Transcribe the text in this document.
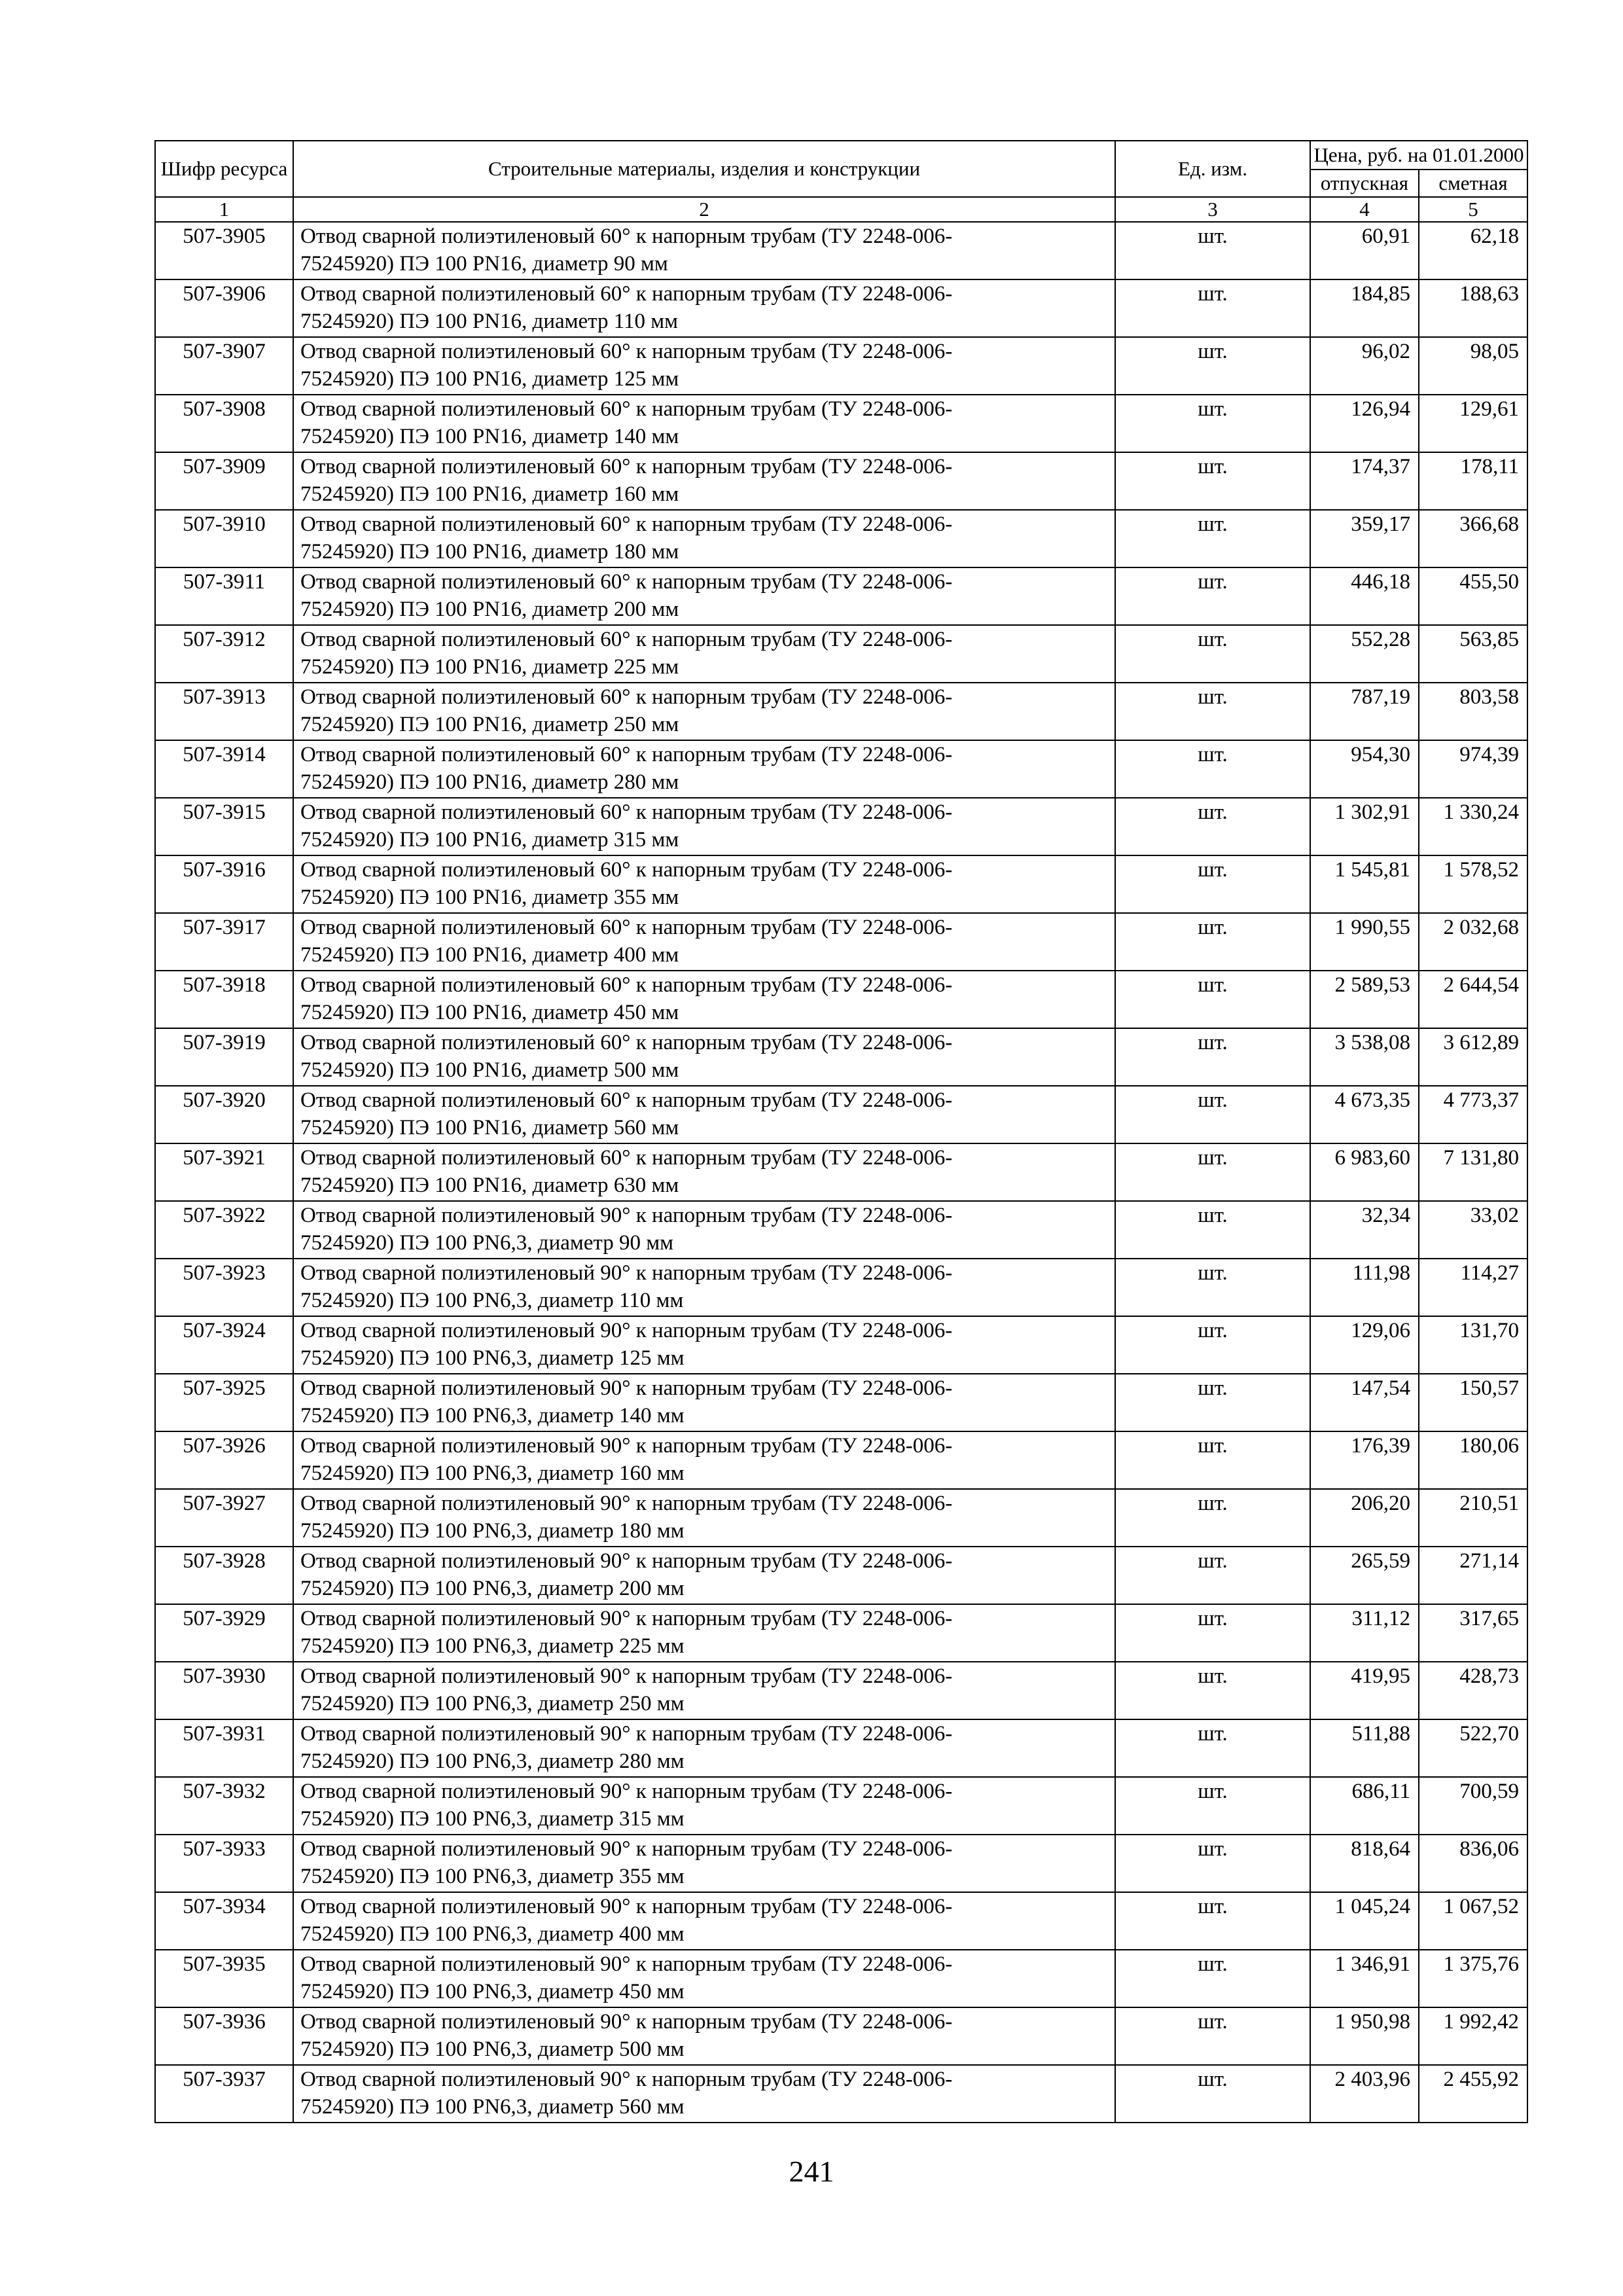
Шифр ресурса	Строительные материалы, изделия и конструкции	Ед. изм.	Цена, руб. на 01.01.2000	
			отпускная	сметная
1	2	3	4	5
507-3905	Отвод сварной полиэтиленовый 60° к напорным трубам (ТУ 2248-006-
75245920) ПЭ 100 PN16, диаметр 90 мм	шт.	60,91	62,18
507-3906	Отвод сварной полиэтиленовый 60° к напорным трубам (ТУ 2248-006-
75245920) ПЭ 100 PN16, диаметр 110 мм	шт.	184,85	188,63
507-3907	Отвод сварной полиэтиленовый 60° к напорным трубам (ТУ 2248-006-
75245920) ПЭ 100 PN16, диаметр 125 мм	шт.	96,02	98,05
507-3908	Отвод сварной полиэтиленовый 60° к напорным трубам (ТУ 2248-006-
75245920) ПЭ 100 PN16, диаметр 140 мм	шт.	126,94	129,61
507-3909	Отвод сварной полиэтиленовый 60° к напорным трубам (ТУ 2248-006-
75245920) ПЭ 100 PN16, диаметр 160 мм	шт.	174,37	178,11
507-3910	Отвод сварной полиэтиленовый 60° к напорным трубам (ТУ 2248-006-
75245920) ПЭ 100 PN16, диаметр 180 мм	шт.	359,17	366,68
507-3911	Отвод сварной полиэтиленовый 60° к напорным трубам (ТУ 2248-006-
75245920) ПЭ 100 PN16, диаметр 200 мм	шт.	446,18	455,50
507-3912	Отвод сварной полиэтиленовый 60° к напорным трубам (ТУ 2248-006-
75245920) ПЭ 100 PN16, диаметр 225 мм	шт.	552,28	563,85
507-3913	Отвод сварной полиэтиленовый 60° к напорным трубам (ТУ 2248-006-
75245920) ПЭ 100 PN16, диаметр 250 мм	шт.	787,19	803,58
507-3914	Отвод сварной полиэтиленовый 60° к напорным трубам (ТУ 2248-006-
75245920) ПЭ 100 PN16, диаметр 280 мм	шт.	954,30	974,39
507-3915	Отвод сварной полиэтиленовый 60° к напорным трубам (ТУ 2248-006-
75245920) ПЭ 100 PN16, диаметр 315 мм	шт.	1 302,91	1 330,24
507-3916	Отвод сварной полиэтиленовый 60° к напорным трубам (ТУ 2248-006-
75245920) ПЭ 100 PN16, диаметр 355 мм	шт.	1 545,81	1 578,52
507-3917	Отвод сварной полиэтиленовый 60° к напорным трубам (ТУ 2248-006-
75245920) ПЭ 100 PN16, диаметр 400 мм	шт.	1 990,55	2 032,68
507-3918	Отвод сварной полиэтиленовый 60° к напорным трубам (ТУ 2248-006-
75245920) ПЭ 100 PN16, диаметр 450 мм	шт.	2 589,53	2 644,54
507-3919	Отвод сварной полиэтиленовый 60° к напорным трубам (ТУ 2248-006-
75245920) ПЭ 100 PN16, диаметр 500 мм	шт.	3 538,08	3 612,89
507-3920	Отвод сварной полиэтиленовый 60° к напорным трубам (ТУ 2248-006-
75245920) ПЭ 100 PN16, диаметр 560 мм	шт.	4 673,35	4 773,37
507-3921	Отвод сварной полиэтиленовый 60° к напорным трубам (ТУ 2248-006-
75245920) ПЭ 100 PN16, диаметр 630 мм	шт.	6 983,60	7 131,80
507-3922	Отвод сварной полиэтиленовый 90° к напорным трубам (ТУ 2248-006-
75245920) ПЭ 100 PN6,3, диаметр 90 мм	шт.	32,34	33,02
507-3923	Отвод сварной полиэтиленовый 90° к напорным трубам (ТУ 2248-006-
75245920) ПЭ 100 PN6,3, диаметр 110 мм	шт.	111,98	114,27
507-3924	Отвод сварной полиэтиленовый 90° к напорным трубам (ТУ 2248-006-
75245920) ПЭ 100 PN6,3, диаметр 125 мм	шт.	129,06	131,70
507-3925	Отвод сварной полиэтиленовый 90° к напорным трубам (ТУ 2248-006-
75245920) ПЭ 100 PN6,3, диаметр 140 мм	шт.	147,54	150,57
507-3926	Отвод сварной полиэтиленовый 90° к напорным трубам (ТУ 2248-006-
75245920) ПЭ 100 PN6,3, диаметр 160 мм	шт.	176,39	180,06
507-3927	Отвод сварной полиэтиленовый 90° к напорным трубам (ТУ 2248-006-
75245920) ПЭ 100 PN6,3, диаметр 180 мм	шт.	206,20	210,51
507-3928	Отвод сварной полиэтиленовый 90° к напорным трубам (ТУ 2248-006-
75245920) ПЭ 100 PN6,3, диаметр 200 мм	шт.	265,59	271,14
507-3929	Отвод сварной полиэтиленовый 90° к напорным трубам (ТУ 2248-006-
75245920) ПЭ 100 PN6,3, диаметр 225 мм	шт.	311,12	317,65
507-3930	Отвод сварной полиэтиленовый 90° к напорным трубам (ТУ 2248-006-
75245920) ПЭ 100 PN6,3, диаметр 250 мм	шт.	419,95	428,73
507-3931	Отвод сварной полиэтиленовый 90° к напорным трубам (ТУ 2248-006-
75245920) ПЭ 100 PN6,3, диаметр 280 мм	шт.	511,88	522,70
507-3932	Отвод сварной полиэтиленовый 90° к напорным трубам (ТУ 2248-006-
75245920) ПЭ 100 PN6,3, диаметр 315 мм	шт.	686,11	700,59
507-3933	Отвод сварной полиэтиленовый 90° к напорным трубам (ТУ 2248-006-
75245920) ПЭ 100 PN6,3, диаметр 355 мм	шт.	818,64	836,06
507-3934	Отвод сварной полиэтиленовый 90° к напорным трубам (ТУ 2248-006-
75245920) ПЭ 100 PN6,3, диаметр 400 мм	шт.	1 045,24	1 067,52
507-3935	Отвод сварной полиэтиленовый 90° к напорным трубам (ТУ 2248-006-
75245920) ПЭ 100 PN6,3, диаметр 450 мм	шт.	1 346,91	1 375,76
507-3936	Отвод сварной полиэтиленовый 90° к напорным трубам (ТУ 2248-006-
75245920) ПЭ 100 PN6,3, диаметр 500 мм	шт.	1 950,98	1 992,42
507-3937	Отвод сварной полиэтиленовый 90° к напорным трубам (ТУ 2248-006-
75245920) ПЭ 100 PN6,3, диаметр 560 мм	шт.	2 403,96	2 455,92
241
